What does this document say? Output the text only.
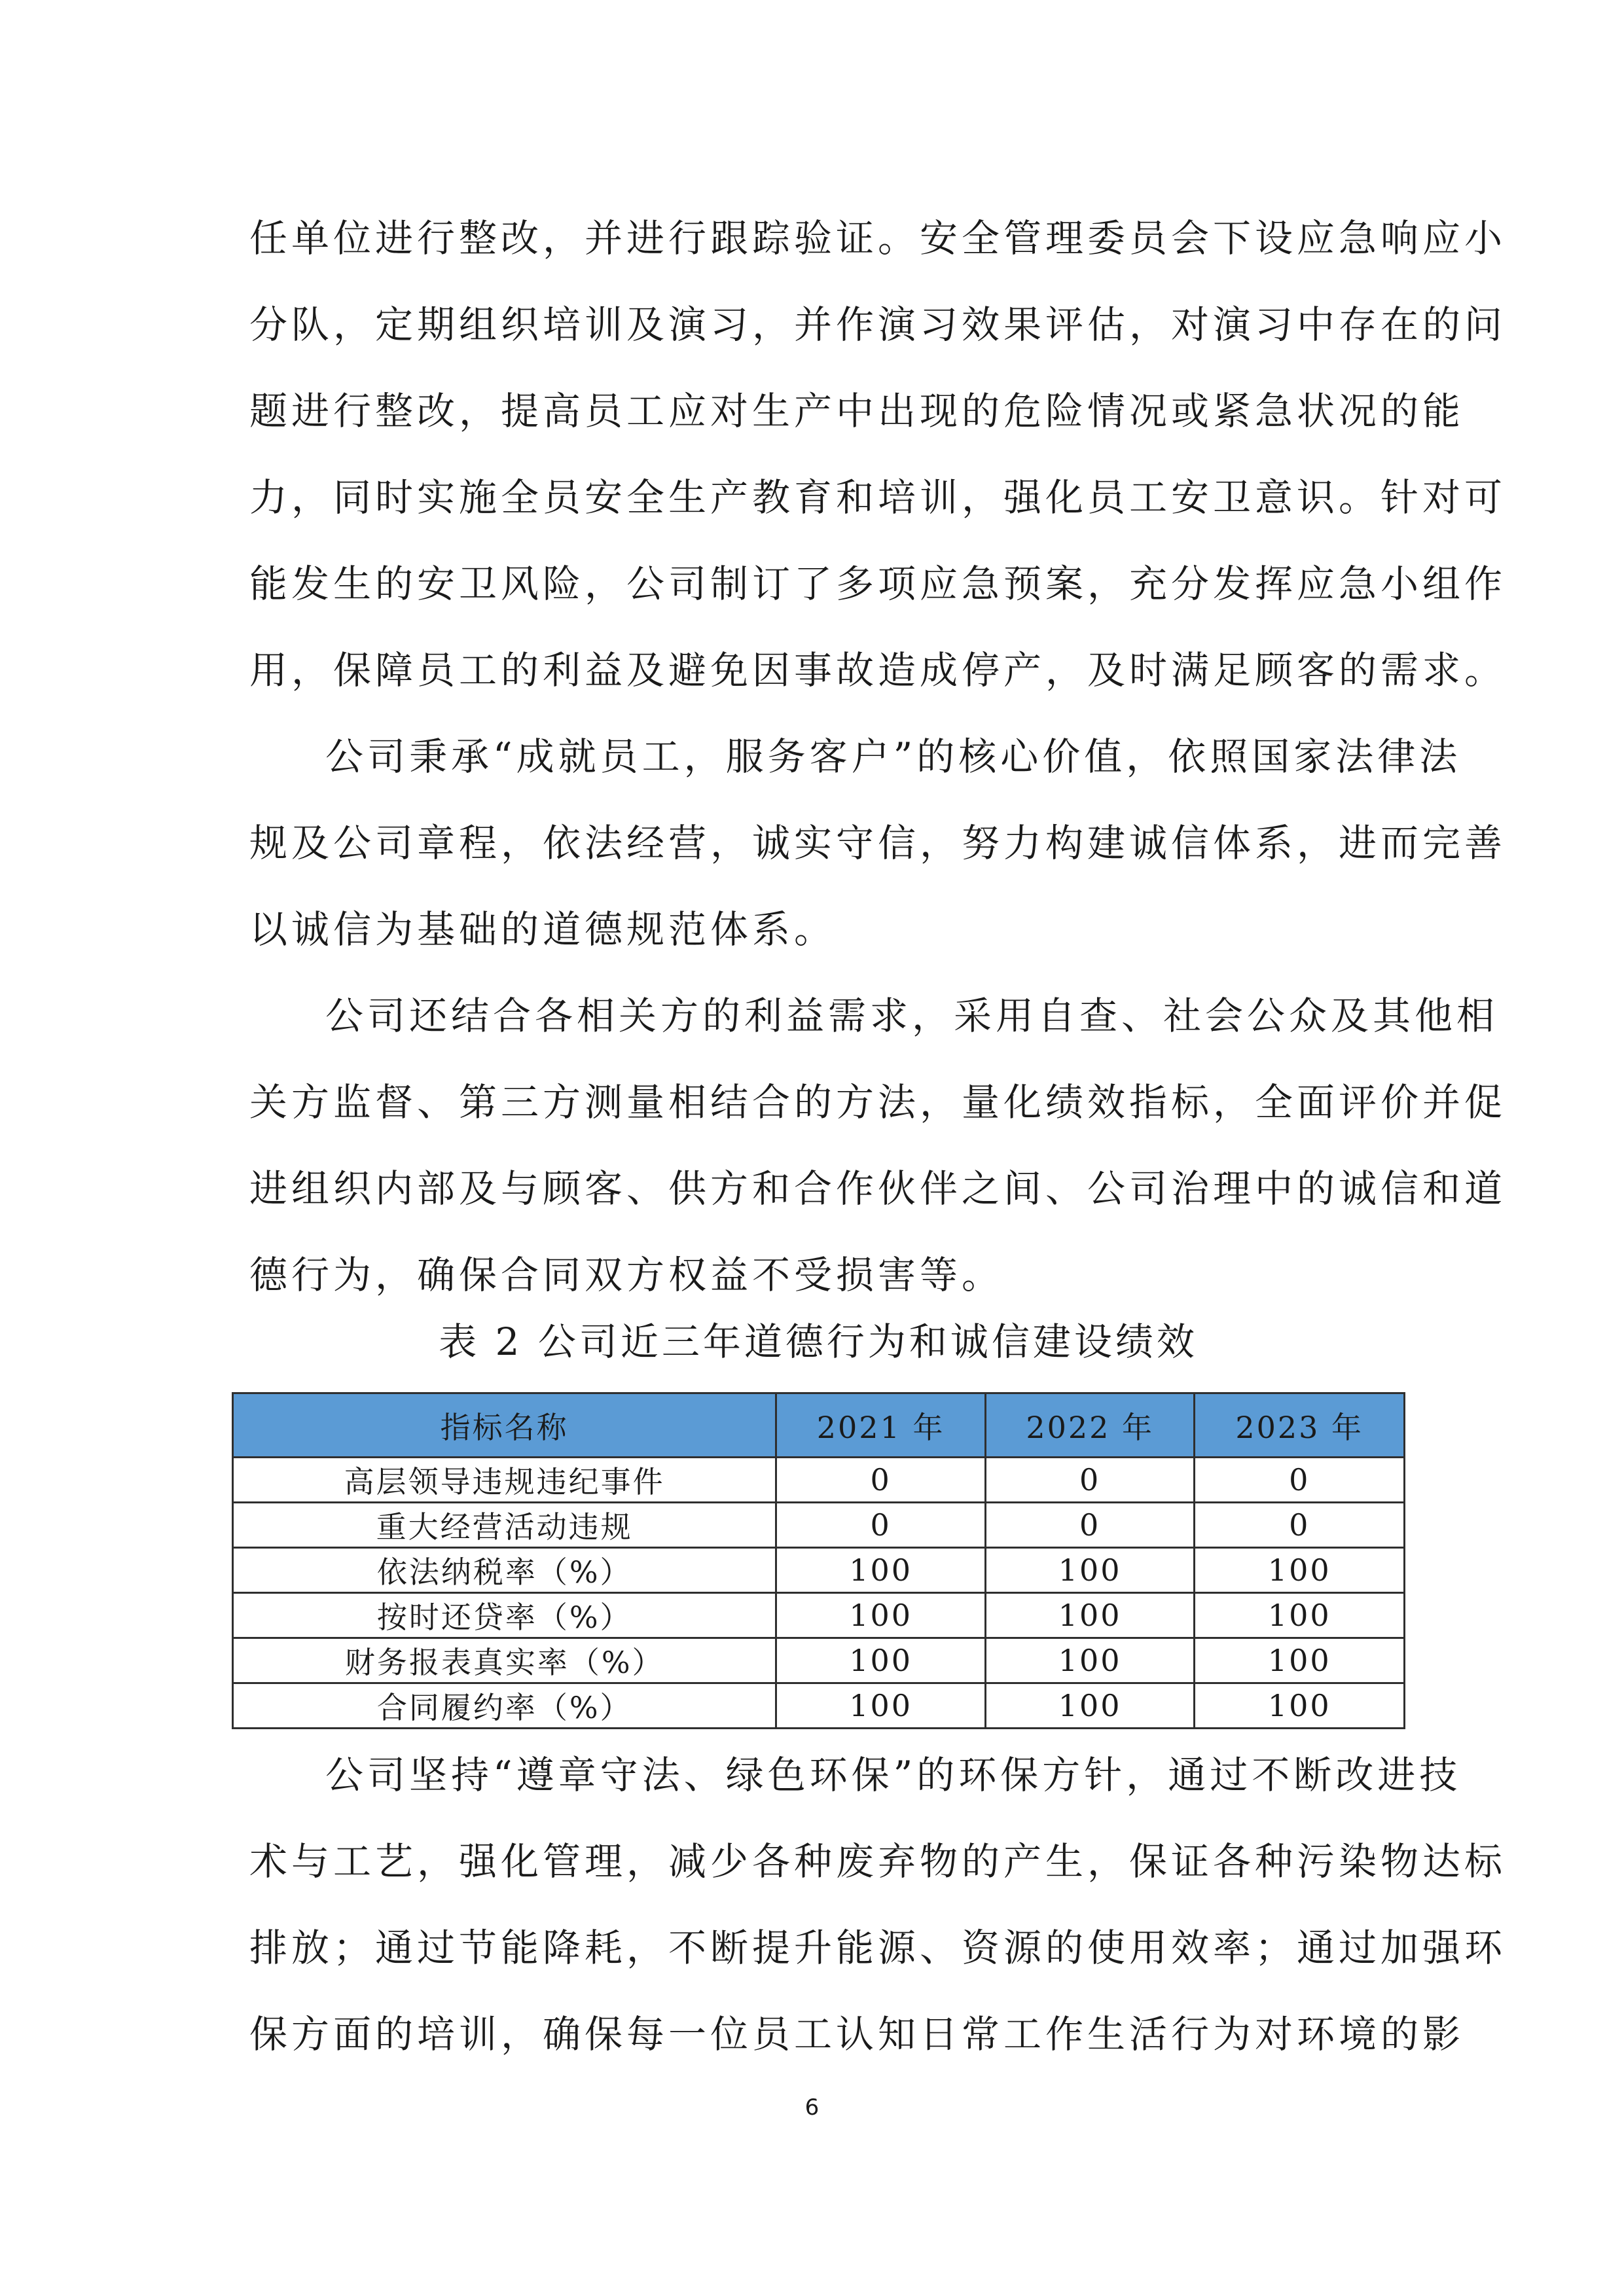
任单位进行整改，并进行跟踪验证。安全管理委员会下设应急响应小
分队，定期组织培训及演习，并作演习效果评估，对演习中存在的问
题进行整改，提高员工应对生产中出现的危险情况或紧急状况的能
力，同时实施全员安全生产教育和培训，强化员工安卫意识。针对可
能发生的安卫风险，公司制订了多项应急预案，充分发挥应急小组作
用，保障员工的利益及避免因事故造成停产，及时满足顾客的需求。
公司秉承“成就员工，服务客户”的核心价值，依照国家法律法
规及公司章程，依法经营，诚实守信，努力构建诚信体系，进而完善
以诚信为基础的道德规范体系。
公司还结合各相关方的利益需求，采用自查、社会公众及其他相
关方监督、第三方测量相结合的方法，量化绩效指标，全面评价并促
进组织内部及与顾客、供方和合作伙伴之间、公司治理中的诚信和道
德行为，确保合同双方权益不受损害等。
表 2 公司近三年道德行为和诚信建设绩效
指标名称	2021 年	2022 年	2023 年
高层领导违规违纪事件	0	0	0
重大经营活动违规	0	0	0
依法纳税率（%）	100	100	100
按时还贷率（%）	100	100	100
财务报表真实率（%）	100	100	100
合同履约率（%）	100	100	100
公司坚持“遵章守法、绿色环保”的环保方针，通过不断改进技
术与工艺，强化管理，减少各种废弃物的产生，保证各种污染物达标
排放；通过节能降耗，不断提升能源、资源的使用效率；通过加强环
保方面的培训，确保每一位员工认知日常工作生活行为对环境的影
6
